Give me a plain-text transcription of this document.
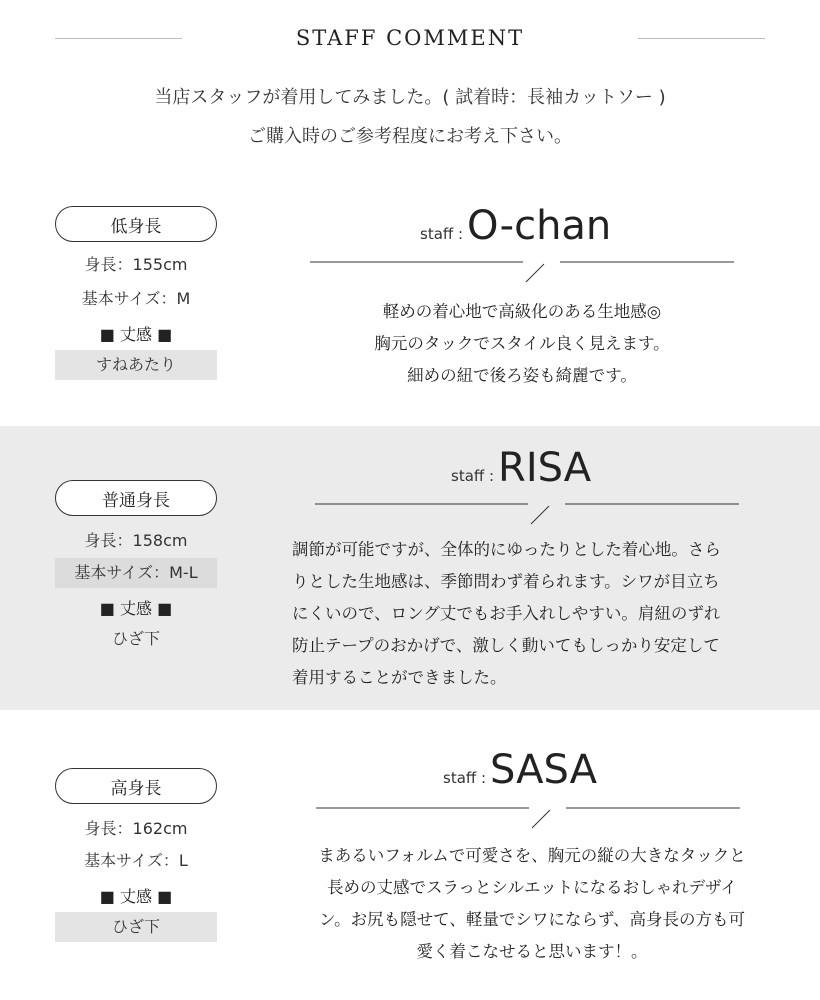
STAFF COMMENT
当店スタッフが着用してみました。( 試着時：長袖カットソー )
ご購入時のご参考程度にお考え下さい。
低身長
身長：155cm
基本サイズ：M
■ 丈感 ■
すねあたり
staff : O-chan
軽めの着心地で高級化のある生地感◎
胸元のタックでスタイル良く見えます。
細めの紐で後ろ姿も綺麗です。
普通身長
身長：158cm
基本サイズ：M-L
■ 丈感 ■
ひざ下
staff : RISA
調節が可能ですが、全体的にゆったりとした着心地。さら
りとした生地感は、季節問わず着られます。シワが目立ち
にくいので、ロング丈でもお手入れしやすい。肩紐のずれ
防止テープのおかげで、激しく動いてもしっかり安定して
着用することができました。
高身長
身長：162cm
基本サイズ：L
■ 丈感 ■
ひざ下
staff : SASA
まあるいフォルムで可愛さを、胸元の縦の大きなタックと
長めの丈感でスラっとシルエットになるおしゃれデザイ
ン。お尻も隠せて、軽量でシワにならず、高身長の方も可
愛く着こなせると思います！。
